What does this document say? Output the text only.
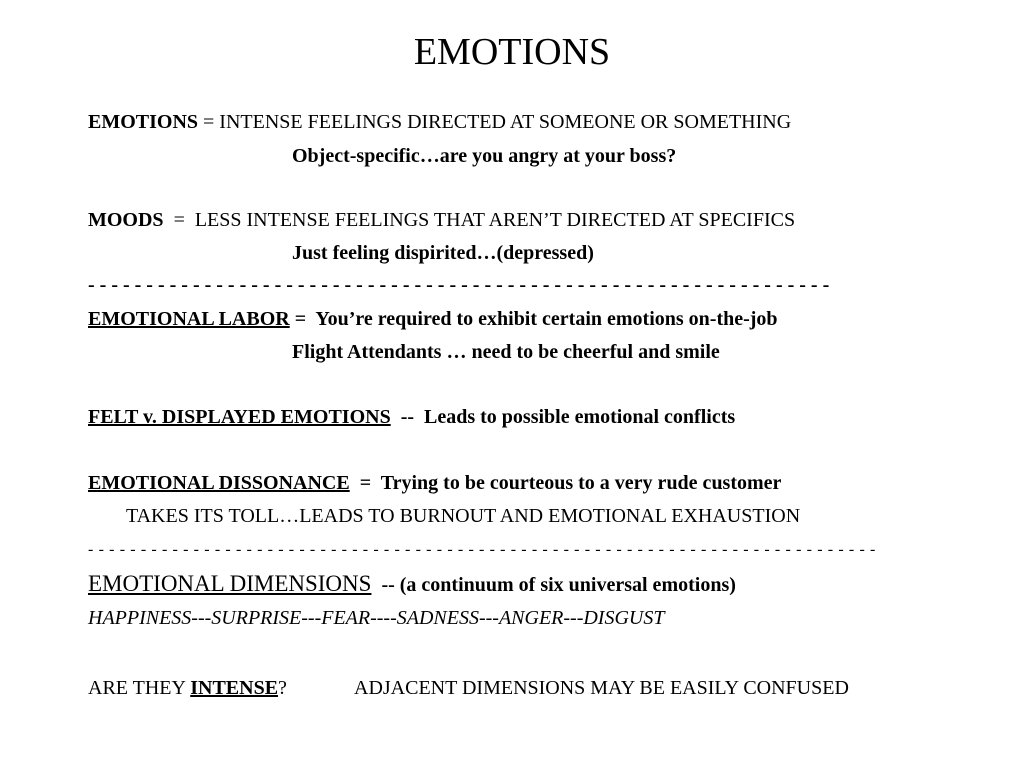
EMOTIONS
EMOTIONS = INTENSE FEELINGS DIRECTED AT SOMEONE OR SOMETHING
Object-specific…are you angry at your boss?
MOODS  =  LESS INTENSE FEELINGS THAT AREN’T DIRECTED AT SPECIFICS
Just feeling dispirited…(depressed)
- - - - - - - - - - - - - - - - - - - - - - - - - - - - - - - - - - - - - - - - - - - - - - - - - - - - - - - - - - - - - - - -
EMOTIONAL LABOR =  You’re required to exhibit certain emotions on-the-job
Flight Attendants … need to be cheerful and smile
FELT v. DISPLAYED EMOTIONS  --  Leads to possible emotional conflicts
EMOTIONAL DISSONANCE  =  Trying to be courteous to a very rude customer
TAKES ITS TOLL…LEADS TO BURNOUT AND EMOTIONAL EXHAUSTION
- - - - - - - - - - - - - - - - - - - - - - - - - - - - - - - - - - - - - - - - - - - - - - - - - - - - - - - - - - - - - - - - - - - - - - - - - - -
EMOTIONAL DIMENSIONS  -- (a continuum of six universal emotions)
HAPPINESS---SURPRISE---FEAR----SADNESS---ANGER---DISGUST
ARE THEY INTENSE?	ADJACENT DIMENSIONS MAY BE EASILY CONFUSED
